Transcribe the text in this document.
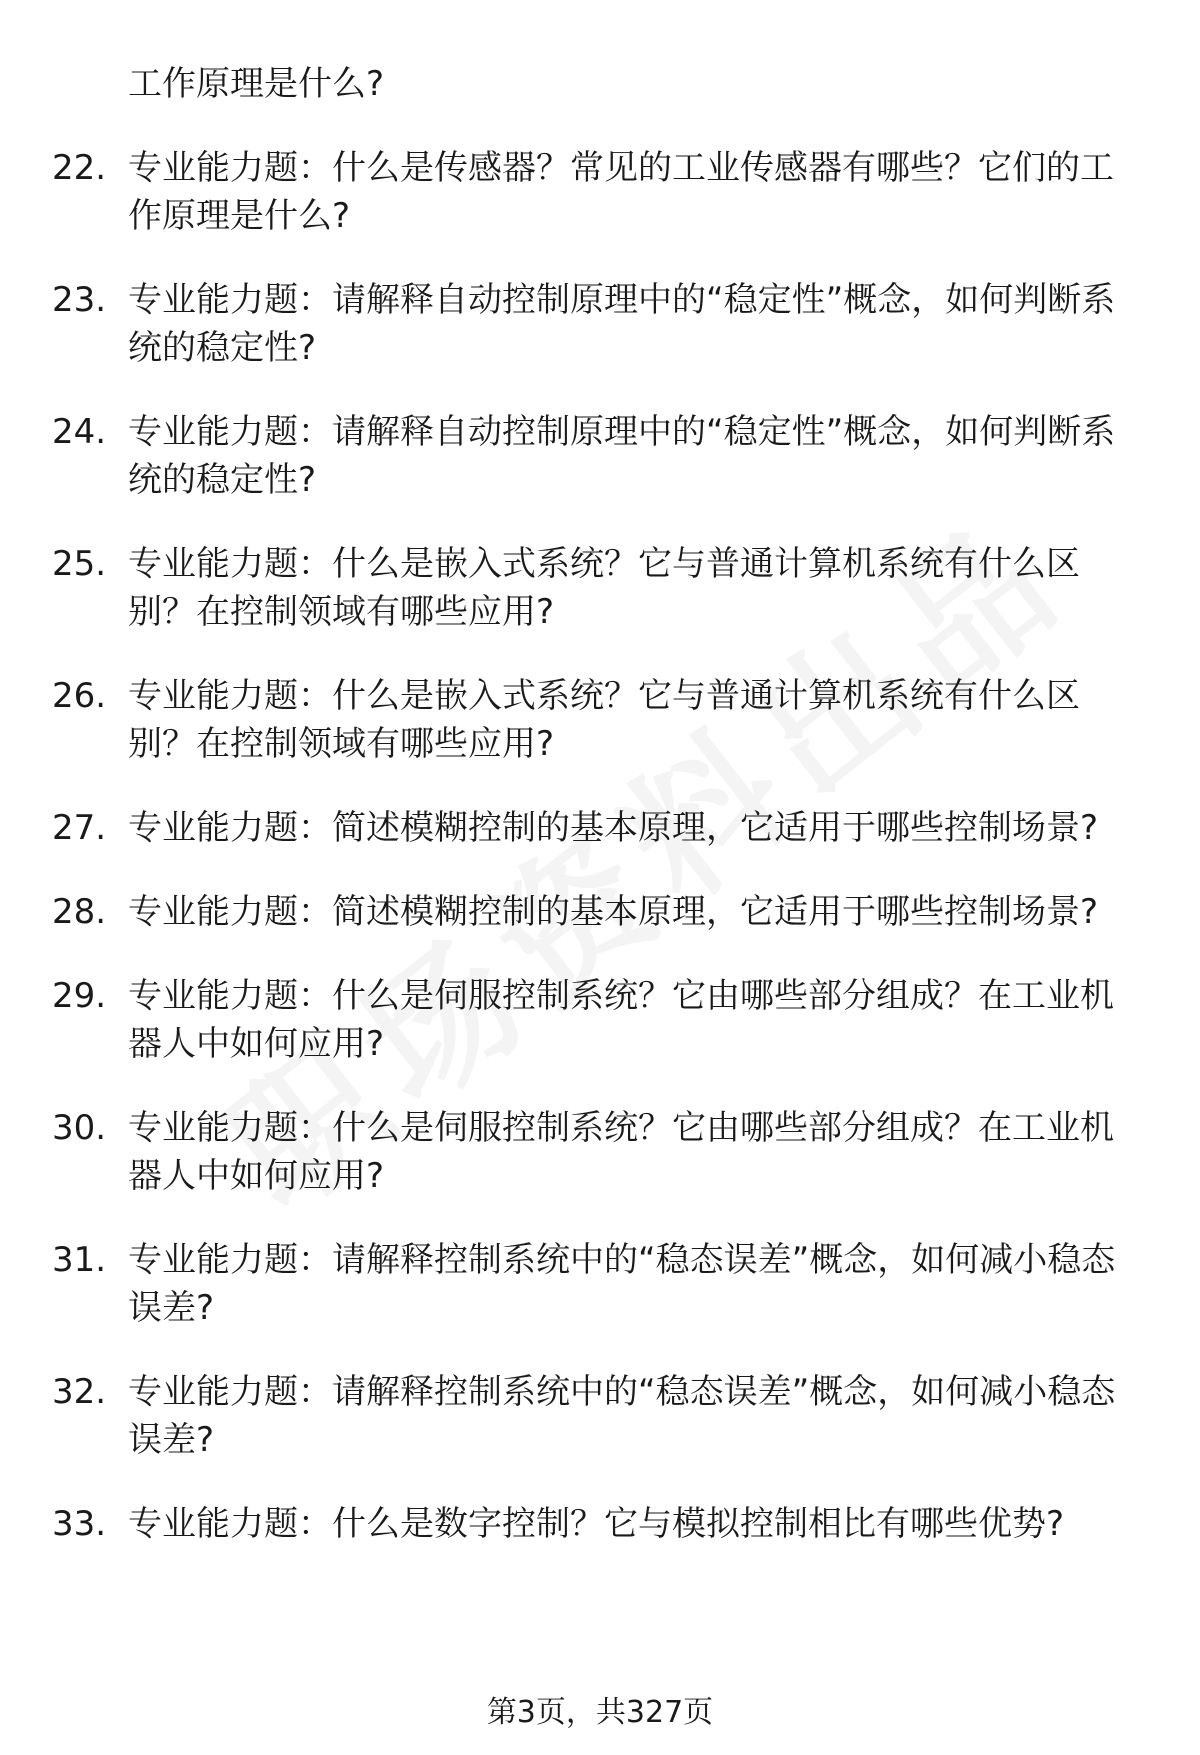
工作原理是什么?
22. 专业能力题：什么是传感器？常见的工业传感器有哪些？它们的工作原理是什么?
23. 专业能力题：请解释自动控制原理中的“稳定性”概念，如何判断系统的稳定性?
24. 专业能力题：请解释自动控制原理中的“稳定性”概念，如何判断系统的稳定性?
25. 专业能力题：什么是嵌入式系统？它与普通计算机系统有什么区别？在控制领域有哪些应用?
26. 专业能力题：什么是嵌入式系统？它与普通计算机系统有什么区别？在控制领域有哪些应用?
27. 专业能力题：简述模糊控制的基本原理，它适用于哪些控制场景?
28. 专业能力题：简述模糊控制的基本原理，它适用于哪些控制场景?
29. 专业能力题：什么是伺服控制系统？它由哪些部分组成？在工业机器人中如何应用?
30. 专业能力题：什么是伺服控制系统？它由哪些部分组成？在工业机器人中如何应用?
31. 专业能力题：请解释控制系统中的“稳态误差”概念，如何减小稳态误差?
32. 专业能力题：请解释控制系统中的“稳态误差”概念，如何减小稳态误差?
33. 专业能力题：什么是数字控制？它与模拟控制相比有哪些优势?
第3页，共327页
